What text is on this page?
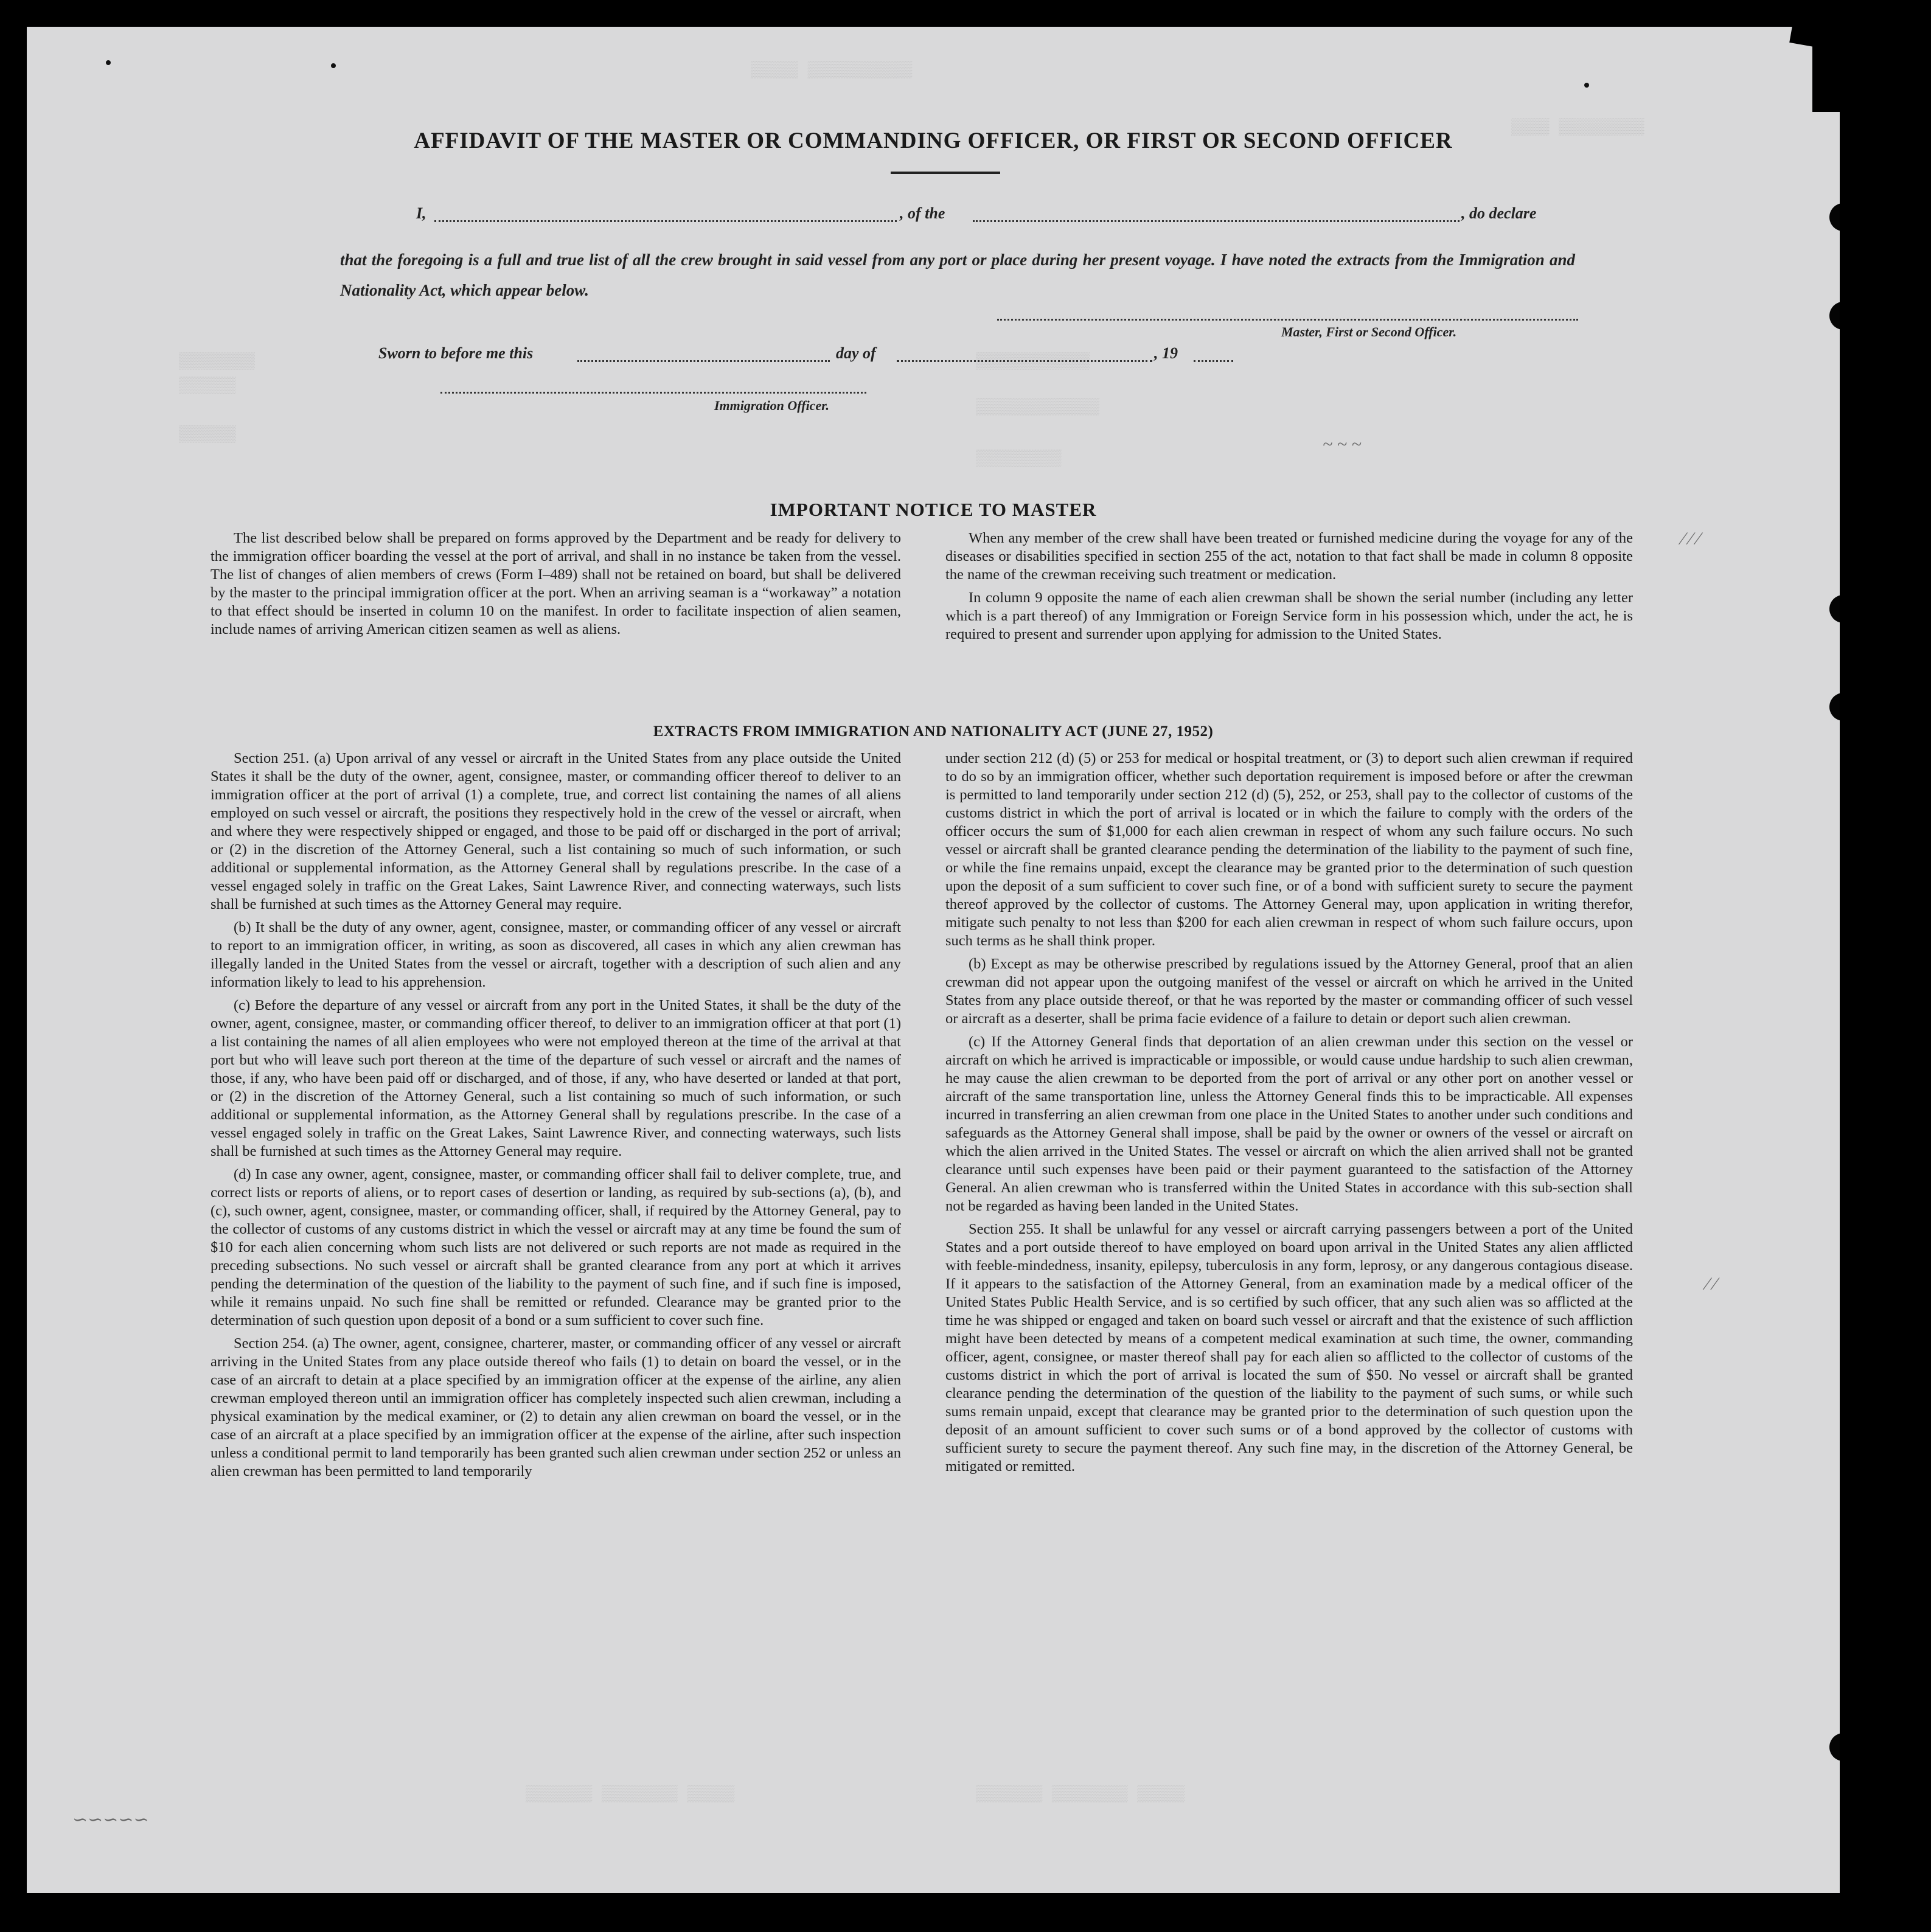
▒▒▒▒▒ ▒▒▒▒▒▒▒▒▒▒▒
▒▒▒▒ ▒▒▒▒▒▒▒▒▒
▒▒▒▒▒▒▒▒
▒▒▒▒▒▒
▒▒▒▒▒▒
▒▒▒▒▒▒▒▒▒▒▒▒
▒▒▒▒▒▒▒▒▒▒▒▒▒
▒▒▒▒▒▒▒▒▒
▒▒▒▒▒▒▒ ▒▒▒▒▒▒▒▒ ▒▒▒▒▒
▒▒▒▒▒▒▒ ▒▒▒▒▒▒▒▒ ▒▒▒▒▒
AFFIDAVIT OF THE MASTER OR COMMANDING OFFICER, OR FIRST OR SECOND OFFICER
I,	, of the	, do declare

that the foregoing is a full and true list of all the crew brought in said vessel from any port or place during her present voyage. I have noted the extracts from the Immigration and Nationality Act, which appear below.

Master, First or Second Officer.
Sworn to before me this	day of	, 19
Immigration Officer.
IMPORTANT NOTICE TO MASTER

The list described below shall be prepared on forms approved by the Department and be ready for delivery to the immigration officer boarding the vessel at the port of arrival, and shall in no instance be taken from the vessel. The list of changes of alien members of crews (Form I–489) shall not be retained on board, but shall be delivered by the master to the principal immigration officer at the port. When an arriving seaman is a “workaway” a notation to that effect should be inserted in column 10 on the manifest. In order to facilitate inspection of alien seamen, include names of arriving American citizen seamen as well as aliens.

When any member of the crew shall have been treated or furnished medicine during the voyage for any of the diseases or disabilities specified in section 255 of the act, notation to that fact shall be made in column 8 opposite the name of the crewman receiving such treatment or medication.

In column 9 opposite the name of each alien crewman shall be shown the serial number (including any letter which is a part thereof) of any Immigration or Foreign Service form in his possession which, under the act, he is required to present and surrender upon applying for admission to the United States.

EXTRACTS FROM IMMIGRATION AND NATIONALITY ACT (JUNE 27, 1952)

Section 251. (a) Upon arrival of any vessel or aircraft in the United States from any place outside the United States it shall be the duty of the owner, agent, consignee, master, or commanding officer thereof to deliver to an immigration officer at the port of arrival (1) a complete, true, and correct list containing the names of all aliens employed on such vessel or aircraft, the positions they respectively hold in the crew of the vessel or aircraft, when and where they were respectively shipped or engaged, and those to be paid off or discharged in the port of arrival; or (2) in the discretion of the Attorney General, such a list containing so much of such information, or such additional or supplemental information, as the Attorney General shall by regulations prescribe. In the case of a vessel engaged solely in traffic on the Great Lakes, Saint Lawrence River, and connecting waterways, such lists shall be furnished at such times as the Attorney General may require.

(b) It shall be the duty of any owner, agent, consignee, master, or commanding officer of any vessel or aircraft to report to an immigration officer, in writing, as soon as discovered, all cases in which any alien crewman has illegally landed in the United States from the vessel or aircraft, together with a description of such alien and any information likely to lead to his apprehension.

(c) Before the departure of any vessel or aircraft from any port in the United States, it shall be the duty of the owner, agent, consignee, master, or commanding officer thereof, to deliver to an immigration officer at that port (1) a list containing the names of all alien employees who were not employed thereon at the time of the arrival at that port but who will leave such port thereon at the time of the departure of such vessel or aircraft and the names of those, if any, who have been paid off or discharged, and of those, if any, who have deserted or landed at that port, or (2) in the discretion of the Attorney General, such a list containing so much of such information, or such additional or supplemental information, as the Attorney General shall by regulations prescribe. In the case of a vessel engaged solely in traffic on the Great Lakes, Saint Lawrence River, and connecting waterways, such lists shall be furnished at such times as the Attorney General may require.

(d) In case any owner, agent, consignee, master, or commanding officer shall fail to deliver complete, true, and correct lists or reports of aliens, or to report cases of desertion or landing, as required by sub-sections (a), (b), and (c), such owner, agent, consignee, master, or commanding officer, shall, if required by the Attorney General, pay to the collector of customs of any customs district in which the vessel or aircraft may at any time be found the sum of $10 for each alien concerning whom such lists are not delivered or such reports are not made as required in the preceding subsections. No such vessel or aircraft shall be granted clearance from any port at which it arrives pending the determination of the question of the liability to the payment of such fine, and if such fine is imposed, while it remains unpaid. No such fine shall be remitted or refunded. Clearance may be granted prior to the determination of such question upon deposit of a bond or a sum sufficient to cover such fine.

Section 254. (a) The owner, agent, consignee, charterer, master, or commanding officer of any vessel or aircraft arriving in the United States from any place outside thereof who fails (1) to detain on board the vessel, or in the case of an aircraft to detain at a place specified by an immigration officer at the expense of the airline, any alien crewman employed thereon until an immigration officer has completely inspected such alien crewman, including a physical examination by the medical examiner, or (2) to detain any alien crewman on board the vessel, or in the case of an aircraft at a place specified by an immigration officer at the expense of the airline, after such inspection unless a conditional permit to land temporarily has been granted such alien crewman under section 252 or unless an alien crewman has been permitted to land temporarily

under section 212 (d) (5) or 253 for medical or hospital treatment, or (3) to deport such alien crewman if required to do so by an immigration officer, whether such deportation requirement is imposed before or after the crewman is permitted to land temporarily under section 212 (d) (5), 252, or 253, shall pay to the collector of customs of the customs district in which the port of arrival is located or in which the failure to comply with the orders of the officer occurs the sum of $1,000 for each alien crewman in respect of whom any such failure occurs. No such vessel or aircraft shall be granted clearance pending the determination of the liability to the payment of such fine, or while the fine remains unpaid, except the clearance may be granted prior to the determination of such question upon the deposit of a sum sufficient to cover such fine, or of a bond with sufficient surety to secure the payment thereof approved by the collector of customs. The Attorney General may, upon application in writing therefor, mitigate such penalty to not less than $200 for each alien crewman in respect of whom such failure occurs, upon such terms as he shall think proper.

(b) Except as may be otherwise prescribed by regulations issued by the Attorney General, proof that an alien crewman did not appear upon the outgoing manifest of the vessel or aircraft on which he arrived in the United States from any place outside thereof, or that he was reported by the master or commanding officer of such vessel or aircraft as a deserter, shall be prima facie evidence of a failure to detain or deport such alien crewman.

(c) If the Attorney General finds that deportation of an alien crewman under this section on the vessel or aircraft on which he arrived is impracticable or impossible, or would cause undue hardship to such alien crewman, he may cause the alien crewman to be deported from the port of arrival or any other port on another vessel or aircraft of the same transportation line, unless the Attorney General finds this to be impracticable. All expenses incurred in transferring an alien crewman from one place in the United States to another under such conditions and safeguards as the Attorney General shall impose, shall be paid by the owner or owners of the vessel or aircraft on which the alien arrived in the United States. The vessel or aircraft on which the alien arrived shall not be granted clearance until such expenses have been paid or their payment guaranteed to the satisfaction of the Attorney General. An alien crewman who is transferred within the United States in accordance with this sub-section shall not be regarded as having been landed in the United States.

Section 255. It shall be unlawful for any vessel or aircraft carrying passengers between a port of the United States and a port outside thereof to have employed on board upon arrival in the United States any alien afflicted with feeble-mindedness, insanity, epilepsy, tuberculosis in any form, leprosy, or any dangerous contagious disease. If it appears to the satisfaction of the Attorney General, from an examination made by a medical officer of the United States Public Health Service, and is so certified by such officer, that any such alien was so afflicted at the time he was shipped or engaged and taken on board such vessel or aircraft and that the existence of such affliction might have been detected by means of a competent medical examination at such time, the owner, commanding officer, agent, consignee, or master thereof shall pay for each alien so afflicted to the collector of customs of the customs district in which the port of arrival is located the sum of $50. No vessel or aircraft shall be granted clearance pending the determination of the question of the liability to the payment of such sums, or while such sums remain unpaid, except that clearance may be granted prior to the determination of such question upon the deposit of an amount sufficient to cover such sums or of a bond approved by the collector of customs with sufficient surety to secure the payment thereof. Any such fine may, in the discretion of the Attorney General, be mitigated or remitted.

~ ~ ~
⁄ ⁄ ⁄
⁄ ⁄
∽∽∽∽∽
